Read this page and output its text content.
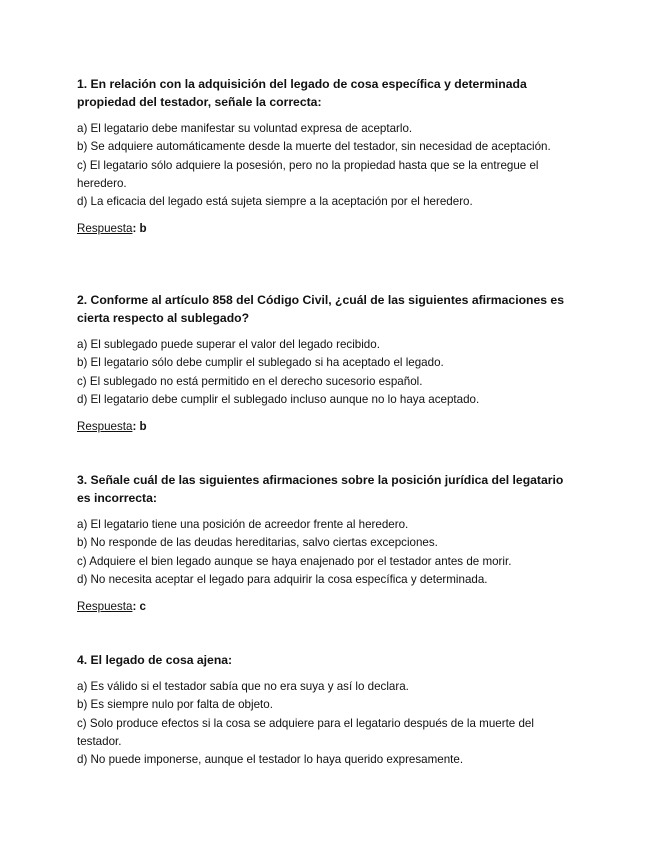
1. En relación con la adquisición del legado de cosa específica y determinada propiedad del testador, señale la correcta:

a) El legatario debe manifestar su voluntad expresa de aceptarlo.

b) Se adquiere automáticamente desde la muerte del testador, sin necesidad de aceptación.

c) El legatario sólo adquiere la posesión, pero no la propiedad hasta que se la entregue el heredero.

d) La eficacia del legado está sujeta siempre a la aceptación por el heredero.

Respuesta: b

2. Conforme al artículo 858 del Código Civil, ¿cuál de las siguientes afirmaciones es cierta respecto al sublegado?

a) El sublegado puede superar el valor del legado recibido.

b) El legatario sólo debe cumplir el sublegado si ha aceptado el legado.

c) El sublegado no está permitido en el derecho sucesorio español.

d) El legatario debe cumplir el sublegado incluso aunque no lo haya aceptado.

Respuesta: b

3. Señale cuál de las siguientes afirmaciones sobre la posición jurídica del legatario es incorrecta:

a) El legatario tiene una posición de acreedor frente al heredero.

b) No responde de las deudas hereditarias, salvo ciertas excepciones.

c) Adquiere el bien legado aunque se haya enajenado por el testador antes de morir.

d) No necesita aceptar el legado para adquirir la cosa específica y determinada.

Respuesta: c

4. El legado de cosa ajena:

a) Es válido si el testador sabía que no era suya y así lo declara.

b) Es siempre nulo por falta de objeto.

c) Solo produce efectos si la cosa se adquiere para el legatario después de la muerte del testador.

d) No puede imponerse, aunque el testador lo haya querido expresamente.
